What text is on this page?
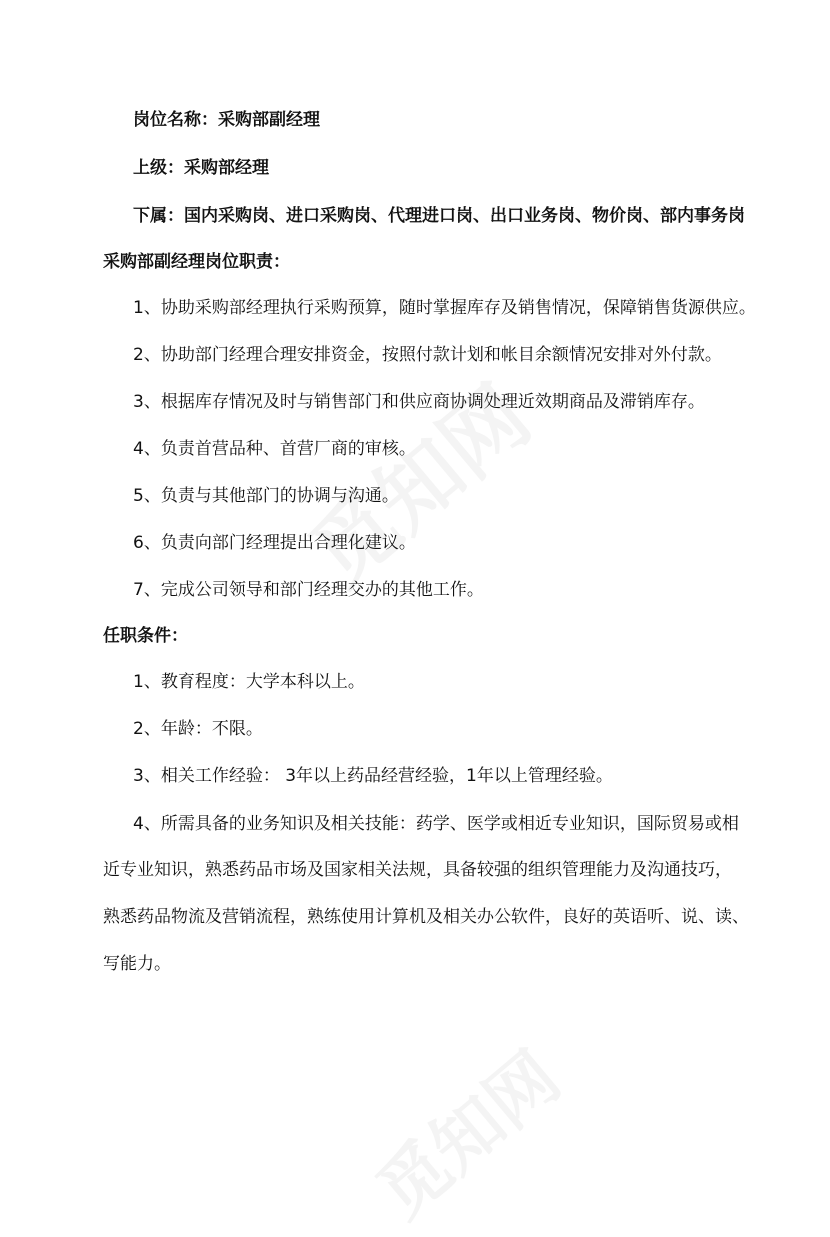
岗位名称：采购部副经理
上级：采购部经理
下属：国内采购岗、进口采购岗、代理进口岗、出口业务岗、物价岗、部内事务岗
采购部副经理岗位职责：
1、协助采购部经理执行采购预算，随时掌握库存及销售情况，保障销售货源供应。
2、协助部门经理合理安排资金，按照付款计划和帐目余额情况安排对外付款。
3、根据库存情况及时与销售部门和供应商协调处理近效期商品及滞销库存。
4、负责首营品种、首营厂商的审核。
5、负责与其他部门的协调与沟通。
6、负责向部门经理提出合理化建议。
7、完成公司领导和部门经理交办的其他工作。
任职条件：
1、教育程度：大学本科以上。
2、年龄：不限。
3、相关工作经验： 3年以上药品经营经验，1年以上管理经验。
4、所需具备的业务知识及相关技能：药学、医学或相近专业知识，国际贸易或相
近专业知识，熟悉药品市场及国家相关法规，具备较强的组织管理能力及沟通技巧，
熟悉药品物流及营销流程，熟练使用计算机及相关办公软件，良好的英语听、说、读、
写能力。
